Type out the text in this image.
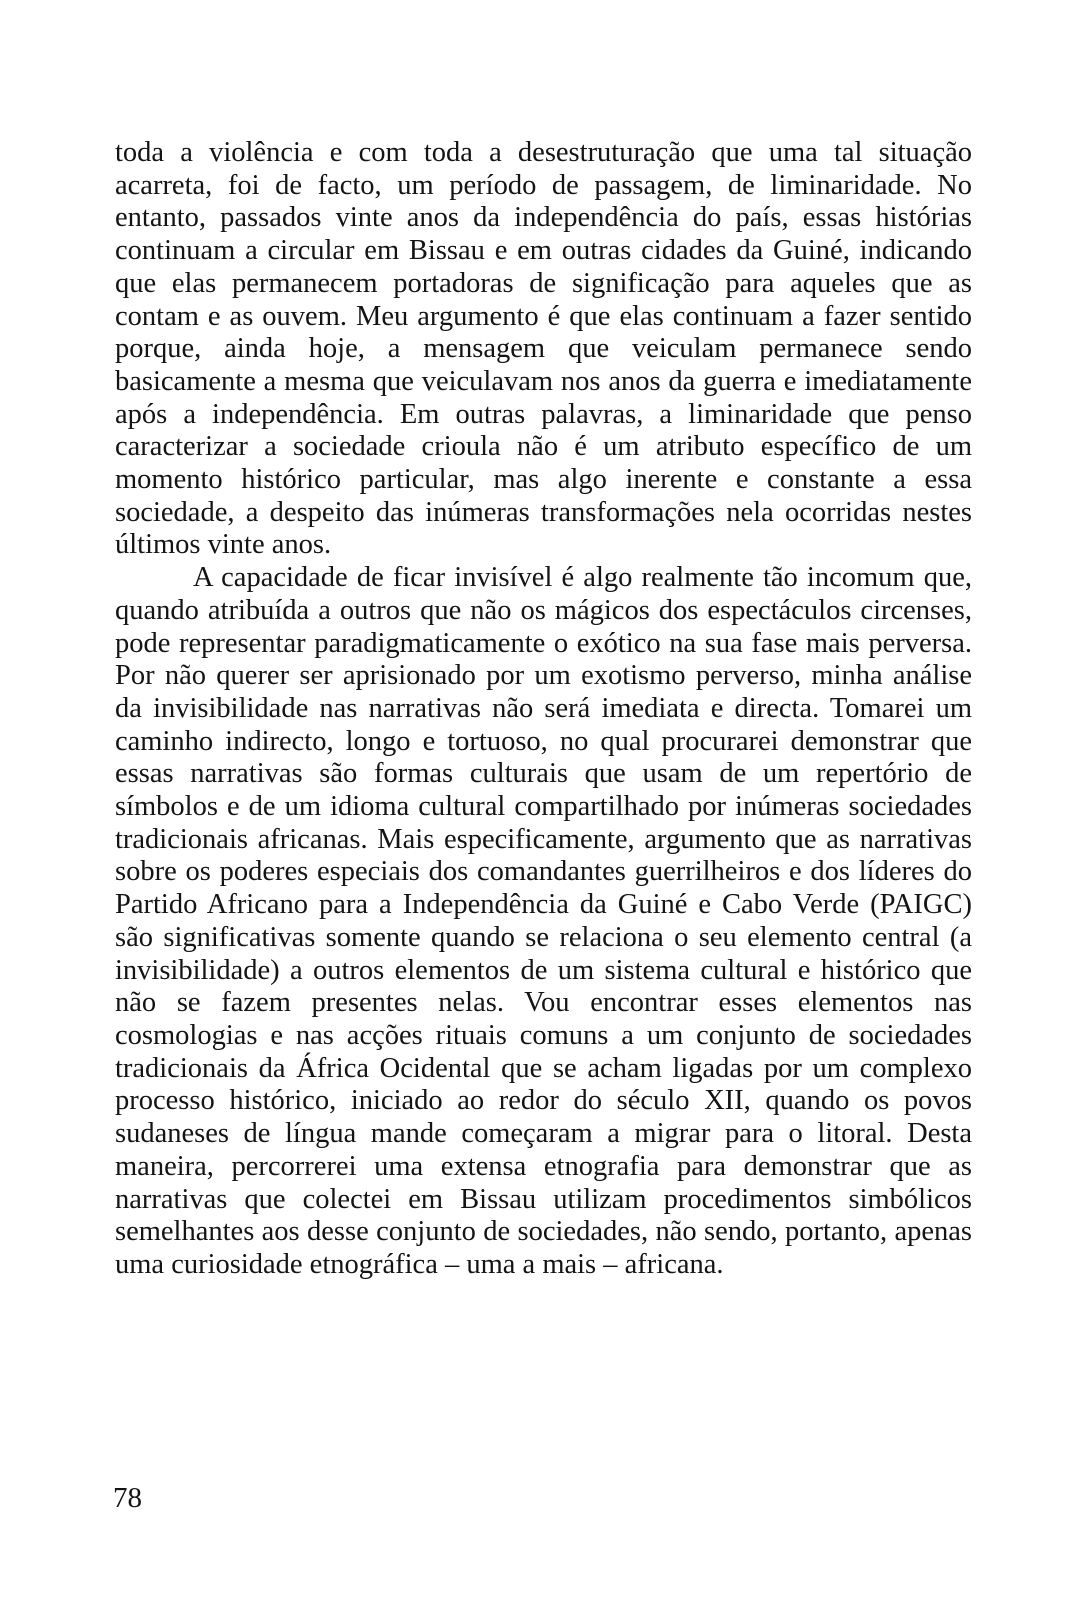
toda a violência e com toda a desestruturação que uma tal situação acarreta, foi de facto, um período de passagem, de liminaridade. No entanto, passados vinte anos da independência do país, essas histórias continuam a circular em Bissau e em outras cidades da Guiné, indicando que elas permanecem portadoras de significação para aqueles que as contam e as ouvem. Meu argumento é que elas continuam a fazer sentido porque, ainda hoje, a mensagem que veiculam permanece sendo basicamente a mesma que veiculavam nos anos da guerra e imediatamente após a independência. Em outras palavras, a liminaridade que penso caracterizar a sociedade crioula não é um atributo específico de um momento histórico particular, mas algo inerente e constante a essa sociedade, a despeito das inúmeras transformações nela ocorridas nestes últimos vinte anos.

A capacidade de ficar invisível é algo realmente tão incomum que, quando atribuída a outros que não os mágicos dos espectáculos circenses, pode representar paradigmaticamente o exótico na sua fase mais perversa. Por não querer ser aprisionado por um exotismo perverso, minha análise da invisibilidade nas narrativas não será imediata e directa. Tomarei um caminho indirecto, longo e tortuoso, no qual procurarei demonstrar que essas narrativas são formas culturais que usam de um repertório de símbolos e de um idioma cultural compartilhado por inúmeras sociedades tradicionais africanas. Mais especificamente, argumento que as narrativas sobre os poderes especiais dos comandantes guerrilheiros e dos líderes do Partido Africano para a Independência da Guiné e Cabo Verde (PAIGC) são significativas somente quando se relaciona o seu elemento central (a invisibilidade) a outros elementos de um sistema cultural e histórico que não se fazem presentes nelas. Vou encontrar esses elementos nas cosmologias e nas acções rituais comuns a um conjunto de sociedades tradicionais da África Ocidental que se acham ligadas por um complexo processo histórico, iniciado ao redor do século XII, quando os povos sudaneses de língua mande começaram a migrar para o litoral. Desta maneira, percorrerei uma extensa etnografia para demonstrar que as narrativas que colectei em Bissau utilizam procedimentos simbólicos semelhantes aos desse conjunto de sociedades, não sendo, portanto, apenas uma curiosidade etnográfica – uma a mais – africana.

78
